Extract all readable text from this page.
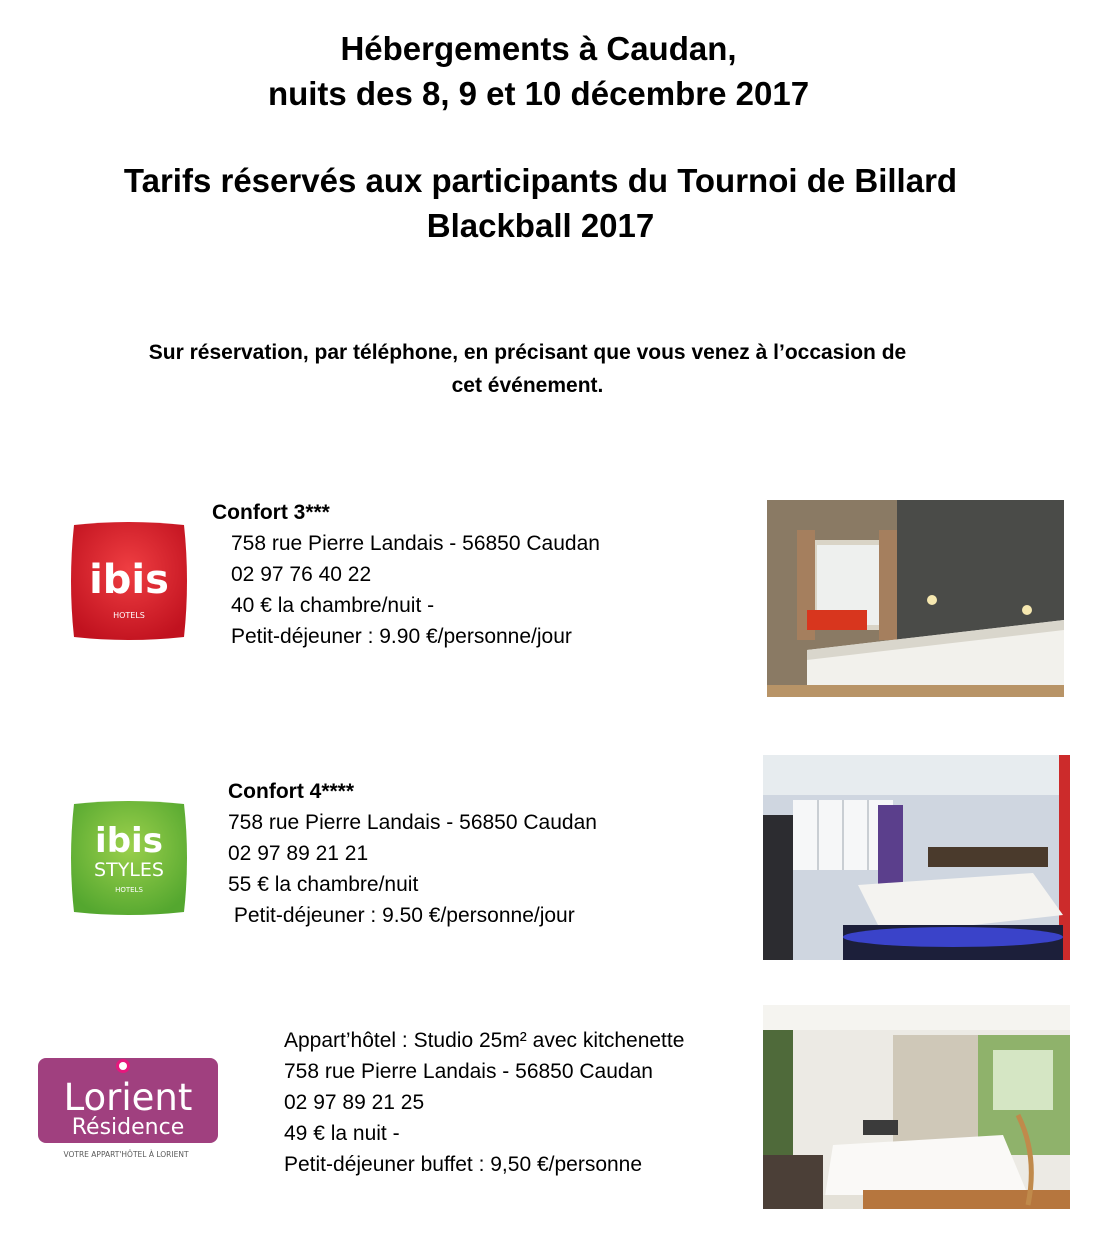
Hébergements à Caudan,

nuits des 8, 9 et 10 décembre 2017

Tarifs réservés aux participants du Tournoi de Billard

Blackball 2017

Sur réservation, par téléphone, en précisant que vous venez à l’occasion de

cet événement.

ibis
HOTELS
Confort 3***
758 rue Pierre Landais - 56850 Caudan
02 97 76 40 22
40 € la chambre/nuit -
Petit-déjeuner : 9.90 €/personne/jour
ibis
STYLES
HOTELS
Confort 4****
758 rue Pierre Landais - 56850 Caudan
02 97 89 21 21
55 € la chambre/nuit
Petit-déjeuner : 9.50 €/personne/jour
Lorient
Résidence
VOTRE APPART'HÔTEL À LORIENT
Appart’hôtel : Studio 25m² avec kitchenette
758 rue Pierre Landais - 56850 Caudan
02 97 89 21 25
49 € la nuit -
Petit-déjeuner buffet : 9,50 €/personne
